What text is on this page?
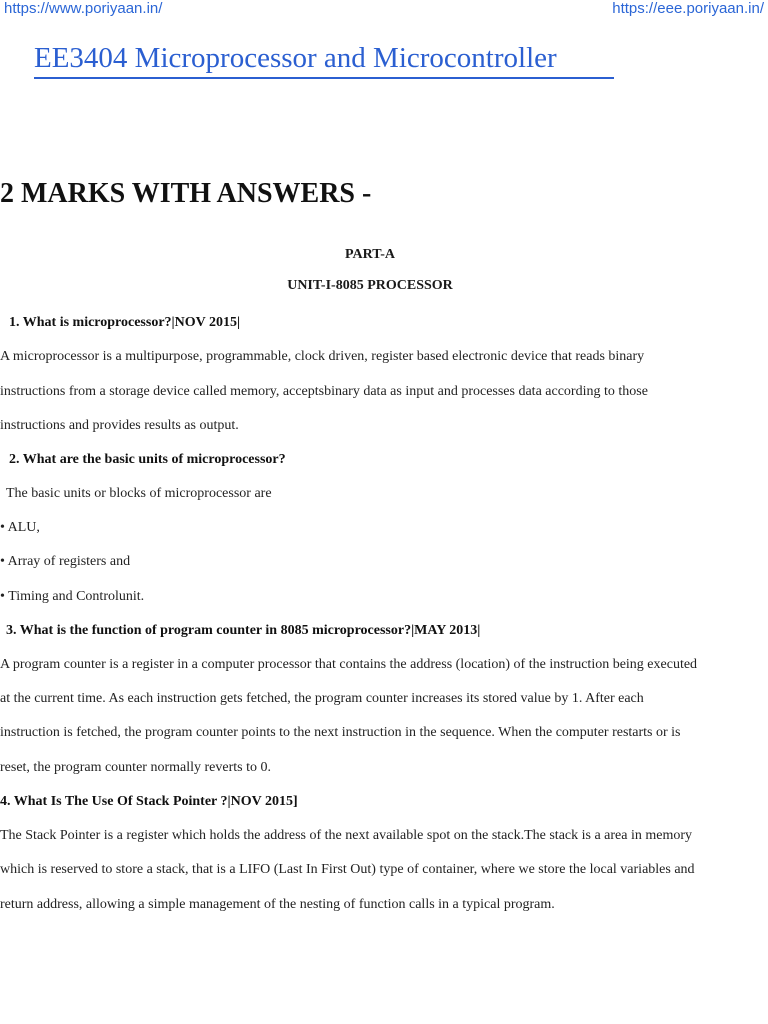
https://www.poriyaan.in/	https://eee.poriyaan.in/
EE3404 Microprocessor and Microcontroller
2 MARKS WITH ANSWERS -
PART-A
UNIT-I-8085 PROCESSOR
1. What is microprocessor?|NOV 2015|
A microprocessor is a multipurpose, programmable, clock driven, register based electronic device that reads binary
instructions from a storage device called memory, acceptsbinary data as input and processes data according to those
instructions and provides results as output.
2. What are the basic units of microprocessor?
The basic units or blocks of microprocessor are
• ALU,
• Array of registers and
• Timing and Controlunit.
3. What is the function of program counter in 8085 microprocessor?|MAY 2013|
A program counter is a register in a computer processor that contains the address (location) of the instruction being executed
at the current time. As each instruction gets fetched, the program counter increases its stored value by 1. After each
instruction is fetched, the program counter points to the next instruction in the sequence. When the computer restarts or is
reset, the program counter normally reverts to 0.
4. What Is The Use Of Stack Pointer ?|NOV 2015]
The Stack Pointer is a register which holds the address of the next available spot on the stack.The stack is a area in memory
which is reserved to store a stack, that is a LIFO (Last In First Out) type of container, where we store the local variables and
return address, allowing a simple management of the nesting of function calls in a typical program.
